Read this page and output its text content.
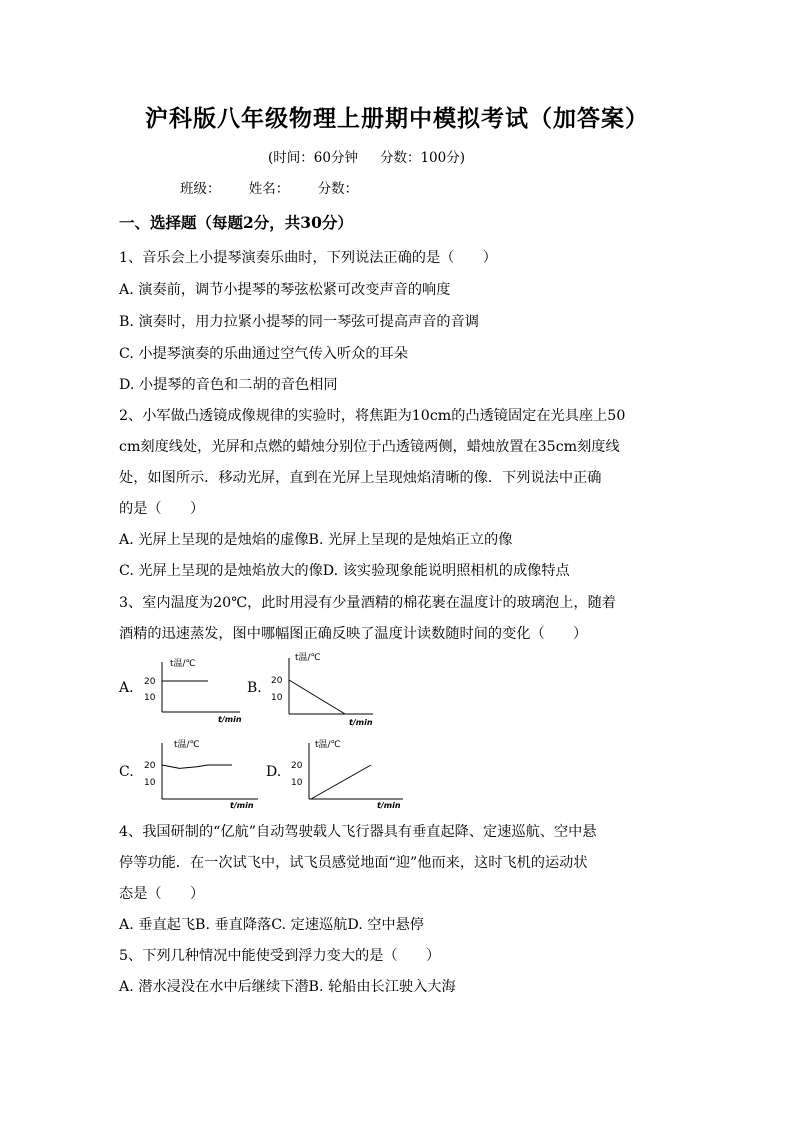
沪科版八年级物理上册期中模拟考试（加答案）
(时间：60分钟 分数：100分)
班级： 姓名： 分数：
一、选择题（每题2分，共30分）
1、音乐会上小提琴演奏乐曲时，下列说法正确的是（　　）
A. 演奏前，调节小提琴的琴弦松紧可改变声音的响度
B. 演奏时，用力拉紧小提琴的同一琴弦可提高声音的音调
C. 小提琴演奏的乐曲通过空气传入听众的耳朵
D. 小提琴的音色和二胡的音色相同
2、小军做凸透镜成像规律的实验时，将焦距为10cm的凸透镜固定在光具座上50
cm刻度线处，光屏和点燃的蜡烛分别位于凸透镜两侧，蜡烛放置在35cm刻度线
处，如图所示．移动光屏，直到在光屏上呈现烛焰清晰的像．下列说法中正确
的是（　　）
A. 光屏上呈现的是烛焰的虚像B. 光屏上呈现的是烛焰正立的像
C. 光屏上呈现的是烛焰放大的像D. 该实验现象能说明照相机的成像特点
3、室内温度为20℃，此时用浸有少量酒精的棉花裹在温度计的玻璃泡上，随着
酒精的迅速蒸发，图中哪幅图正确反映了温度计读数随时间的变化（　　）
A.	B.
C.	D.
t温/℃
20
10
t/min
t温/℃
20
10
t/min
t温/℃
20
10
t/min
t温/℃
20
10
t/min
4、我国研制的“亿航”自动驾驶载人飞行器具有垂直起降、定速巡航、空中悬
停等功能．在一次试飞中，试飞员感觉地面“迎”他而来，这时飞机的运动状
态是（　　）
A. 垂直起飞B. 垂直降落C. 定速巡航D. 空中悬停
5、下列几种情况中能使受到浮力变大的是（　　）
A. 潜水浸没在水中后继续下潜B. 轮船由长江驶入大海
